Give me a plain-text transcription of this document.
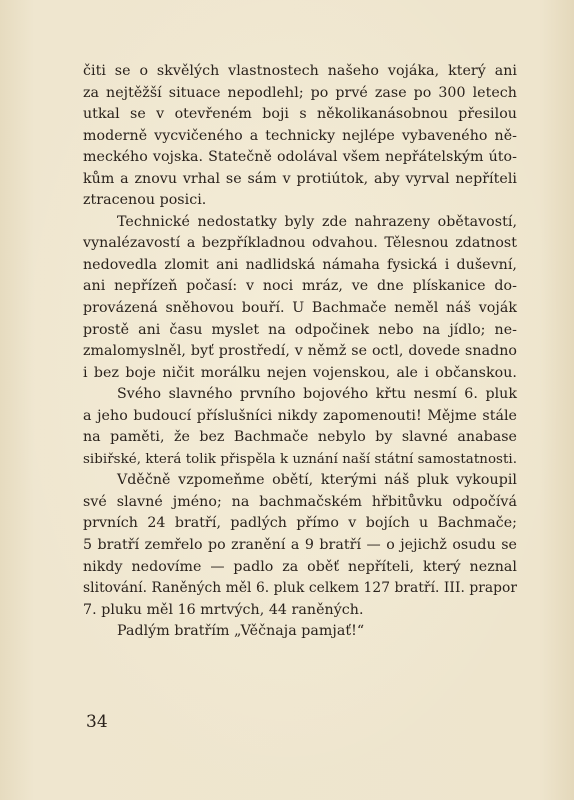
čiti se o skvělých vlastnostech našeho vojáka, který ani
za nejtěžší situace nepodlehl; po prvé zase po 300 letech
utkal se v otevřeném boji s několikanásobnou přesilou
moderně vycvičeného a technicky nejlépe vybaveného ně-
meckého vojska. Statečně odolával všem nepřátelským úto-
kům a znovu vrhal se sám v protiútok, aby vyrval nepříteli
ztracenou posici.
Technické nedostatky byly zde nahrazeny obětavostí,
vynalézavostí a bezpříkladnou odvahou. Tělesnou zdatnost
nedovedla zlomit ani nadlidská námaha fysická i duševní,
ani nepřízeň počasí: v noci mráz, ve dne plískanice do-
provázená sněhovou bouří. U Bachmače neměl náš voják
prostě ani času myslet na odpočinek nebo na jídlo; ne-
zmalomyslněl, byť prostředí, v němž se octl, dovede snadno
i bez boje ničit morálku nejen vojenskou, ale i občanskou.
Svého slavného prvního bojového křtu nesmí 6. pluk
a jeho budoucí příslušníci nikdy zapomenouti! Mějme stále
na paměti, že bez Bachmače nebylo by slavné anabase
sibiřské, která tolik přispěla k uznání naší státní samostatnosti.
Vděčně vzpomeňme obětí, kterými náš pluk vykoupil
své slavné jméno; na bachmačském hřbitůvku odpočívá
prvních 24 bratří, padlých přímo v bojích u Bachmače;
5 bratří zemřelo po zranění a 9 bratří — o jejichž osudu se
nikdy nedovíme — padlo za oběť nepříteli, který neznal
slitování. Raněných měl 6. pluk celkem 127 bratří. III. prapor
7. pluku měl 16 mrtvých, 44 raněných.
Padlým bratřím „Věčnaja pamjať!“
34
